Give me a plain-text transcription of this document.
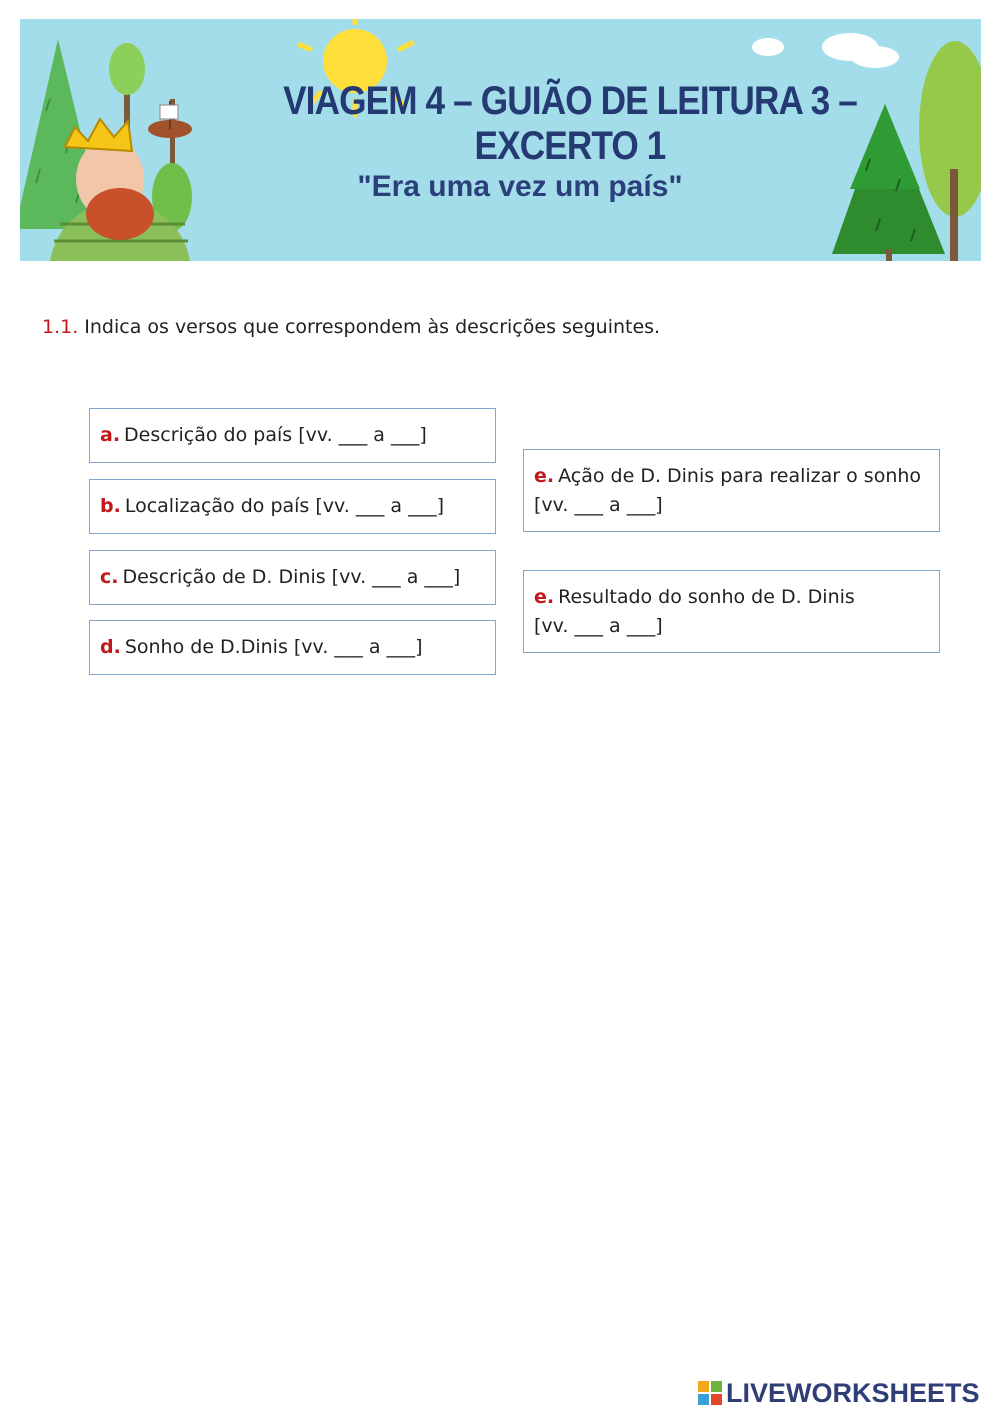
VIAGEM 4 – GUIÃO DE LEITURA 3 – EXCERTO 1
"Era uma vez um país"
1.1. Indica os versos que correspondem às descrições seguintes.
a. Descrição do país [vv. ___ a ___]
b. Localização do país [vv. ___ a ___]
c. Descrição de D. Dinis [vv. ___ a ___]
d. Sonho de D.Dinis [vv. ___ a ___]
e. Ação de D. Dinis para realizar o sonho
[vv. ___ a ___]
e. Resultado do sonho de D. Dinis
[vv. ___ a ___]
LIVEWORKSHEETS
